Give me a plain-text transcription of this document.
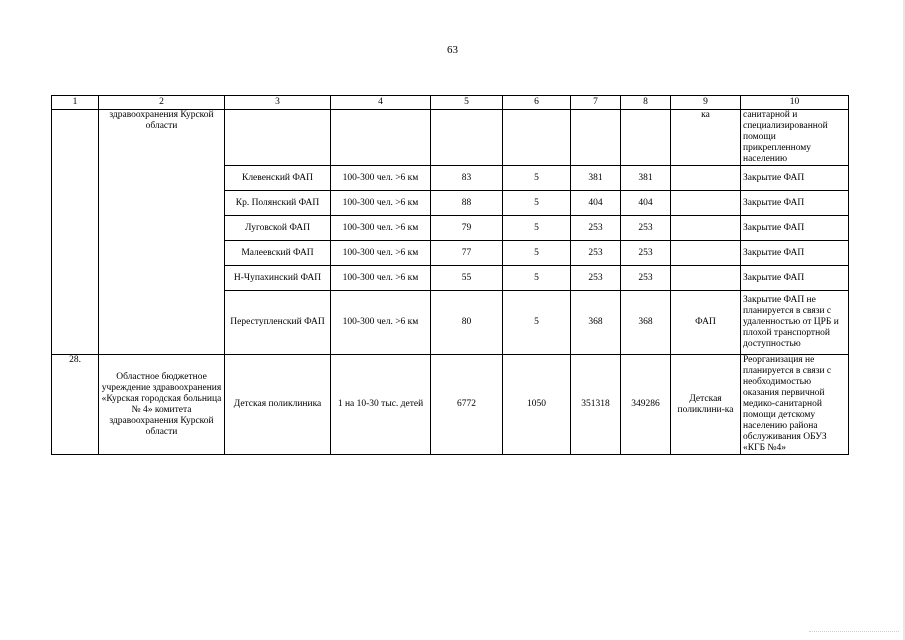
63
1	2	3	4	5	6	7	8	9	10
	здравоохранения Курской области							ка	санитарной и специализированной помощи прикрепленному населению
		Клевенский ФАП	100-300 чел. >6 км	83	5	381	381		Закрытие ФАП
		Кр. Полянский ФАП	100-300 чел. >6 км	88	5	404	404		Закрытие ФАП
		Луговской ФАП	100-300 чел. >6 км	79	5	253	253		Закрытие ФАП
		Малеевский ФАП	100-300 чел. >6 км	77	5	253	253		Закрытие ФАП
		Н-Чупахинский ФАП	100-300 чел. >6 км	55	5	253	253		Закрытие ФАП
		Переступленский ФАП	100-300 чел. >6 км	80	5	368	368	ФАП	Закрытие ФАП не планируется в связи с удаленностью от ЦРБ и плохой транспортной доступностью
28.	Областное бюджетное учреждение здравоохранения «Курская городская больница № 4» комитета здравоохранения Курской области	Детская поликлиника	1 на 10-30 тыс. детей	6772	1050	351318	349286	Детская поликлини-ка	Реорганизация не планируется в связи с необходимостью оказания первичной медико-санитарной помощи детскому населению района обслуживания ОБУЗ «КГБ №4»
